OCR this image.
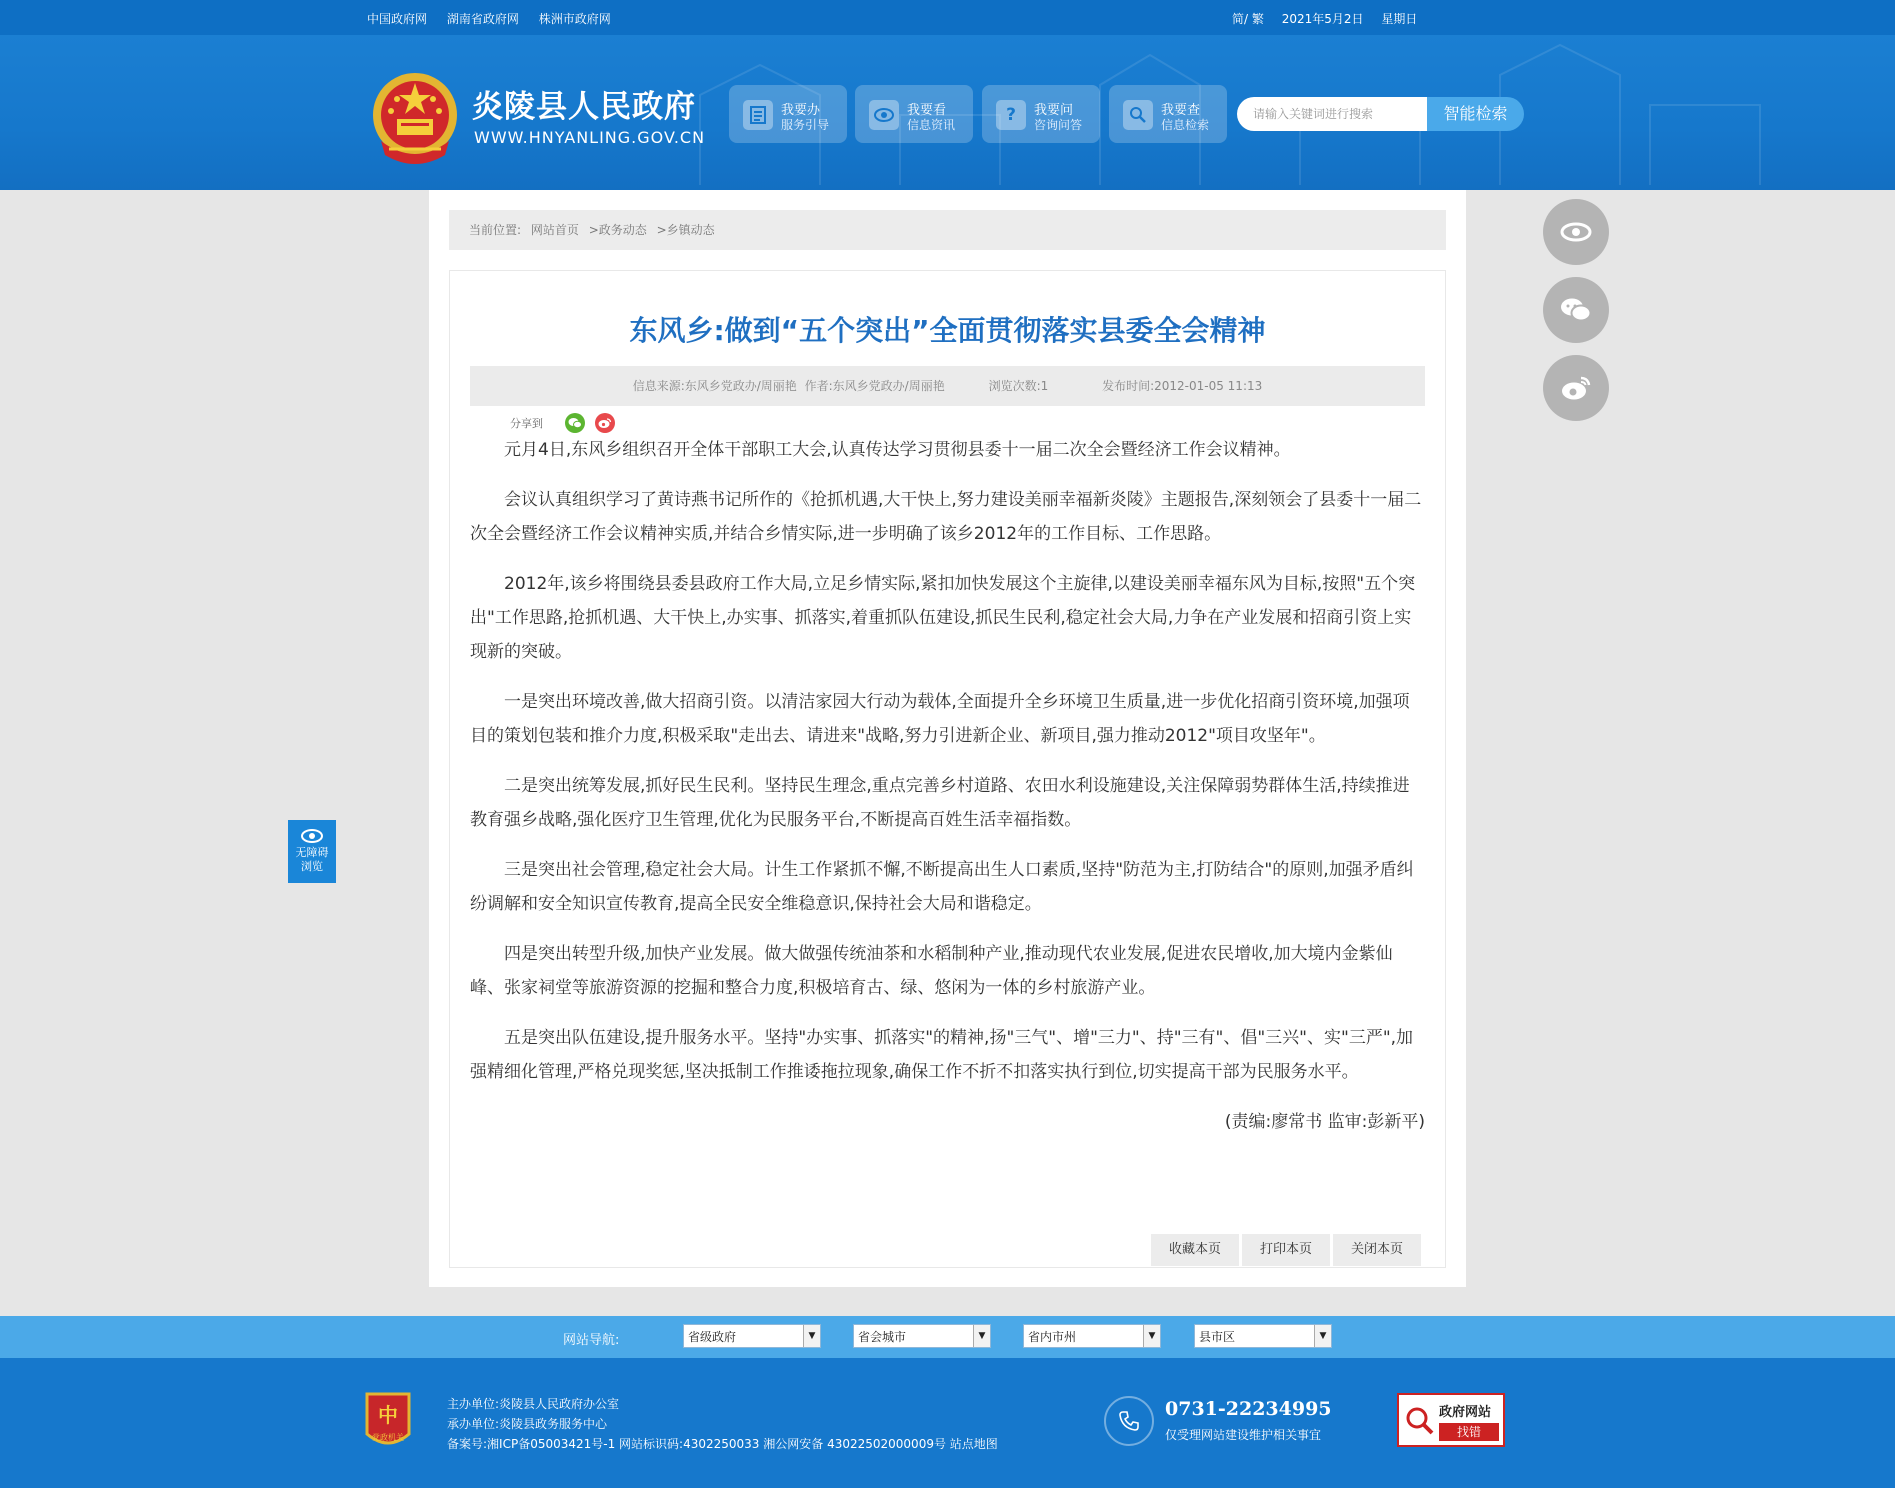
中国政府网 湖南省政府网 株洲市政府网	简/ 繁 2021年5月2日 星期日
炎陵县人民政府
WWW.HNYANLING.GOV.CN
我要办
服务引导
我要看
信息资讯	?	我要问
咨询问答
我要查
信息检索
请输入关键词进行搜索	智能检索
当前位置: 网站首页 >政务动态 >乡镇动态
东风乡:做到“五个突出”全面贯彻落实县委全会精神
信息来源:东风乡党政办/周丽艳 作者:东风乡党政办/周丽艳	浏览次数:1	发布时间:2012-01-05 11:13
分享到

元月4日,东风乡组织召开全体干部职工大会,认真传达学习贯彻县委十一届二次全会暨经济工作会议精神。

会议认真组织学习了黄诗燕书记所作的《抢抓机遇,大干快上,努力建设美丽幸福新炎陵》主题报告,深刻领会了县委十一届二次全会暨经济工作会议精神实质,并结合乡情实际,进一步明确了该乡2012年的工作目标、工作思路。

2012年,该乡将围绕县委县政府工作大局,立足乡情实际,紧扣加快发展这个主旋律,以建设美丽幸福东风为目标,按照"五个突出"工作思路,抢抓机遇、大干快上,办实事、抓落实,着重抓队伍建设,抓民生民利,稳定社会大局,力争在产业发展和招商引资上实现新的突破。

一是突出环境改善,做大招商引资。以清洁家园大行动为载体,全面提升全乡环境卫生质量,进一步优化招商引资环境,加强项目的策划包装和推介力度,积极采取"走出去、请进来"战略,努力引进新企业、新项目,强力推动2012"项目攻坚年"。

二是突出统筹发展,抓好民生民利。坚持民生理念,重点完善乡村道路、农田水利设施建设,关注保障弱势群体生活,持续推进教育强乡战略,强化医疗卫生管理,优化为民服务平台,不断提高百姓生活幸福指数。

三是突出社会管理,稳定社会大局。计生工作紧抓不懈,不断提高出生人口素质,坚持"防范为主,打防结合"的原则,加强矛盾纠纷调解和安全知识宣传教育,提高全民安全维稳意识,保持社会大局和谐稳定。

四是突出转型升级,加快产业发展。做大做强传统油茶和水稻制种产业,推动现代农业发展,促进农民增收,加大境内金紫仙峰、张家祠堂等旅游资源的挖掘和整合力度,积极培育古、绿、悠闲为一体的乡村旅游产业。

五是突出队伍建设,提升服务水平。坚持"办实事、抓落实"的精神,扬"三气"、增"三力"、持"三有"、倡"三兴"、实"三严",加强精细化管理,严格兑现奖惩,坚决抵制工作推诿拖拉现象,确保工作不折不扣落实执行到位,切实提高干部为民服务水平。

(责编:廖常书 监审:彭新平)
收藏本页	打印本页	关闭本页
无障碍
浏览
网站导航:	省级政府	▼	省会城市	▼	省内市州	▼	县市区	▼
中
党政机关
主办单位:炎陵县人民政府办公室
承办单位:炎陵县政务服务中心
备案号:湘ICP备05003421号-1 网站标识码:4302250033 湘公网安备 43022502000009号 站点地图
0731-22234995
仅受理网站建设维护相关事宜
政府网站
找错
